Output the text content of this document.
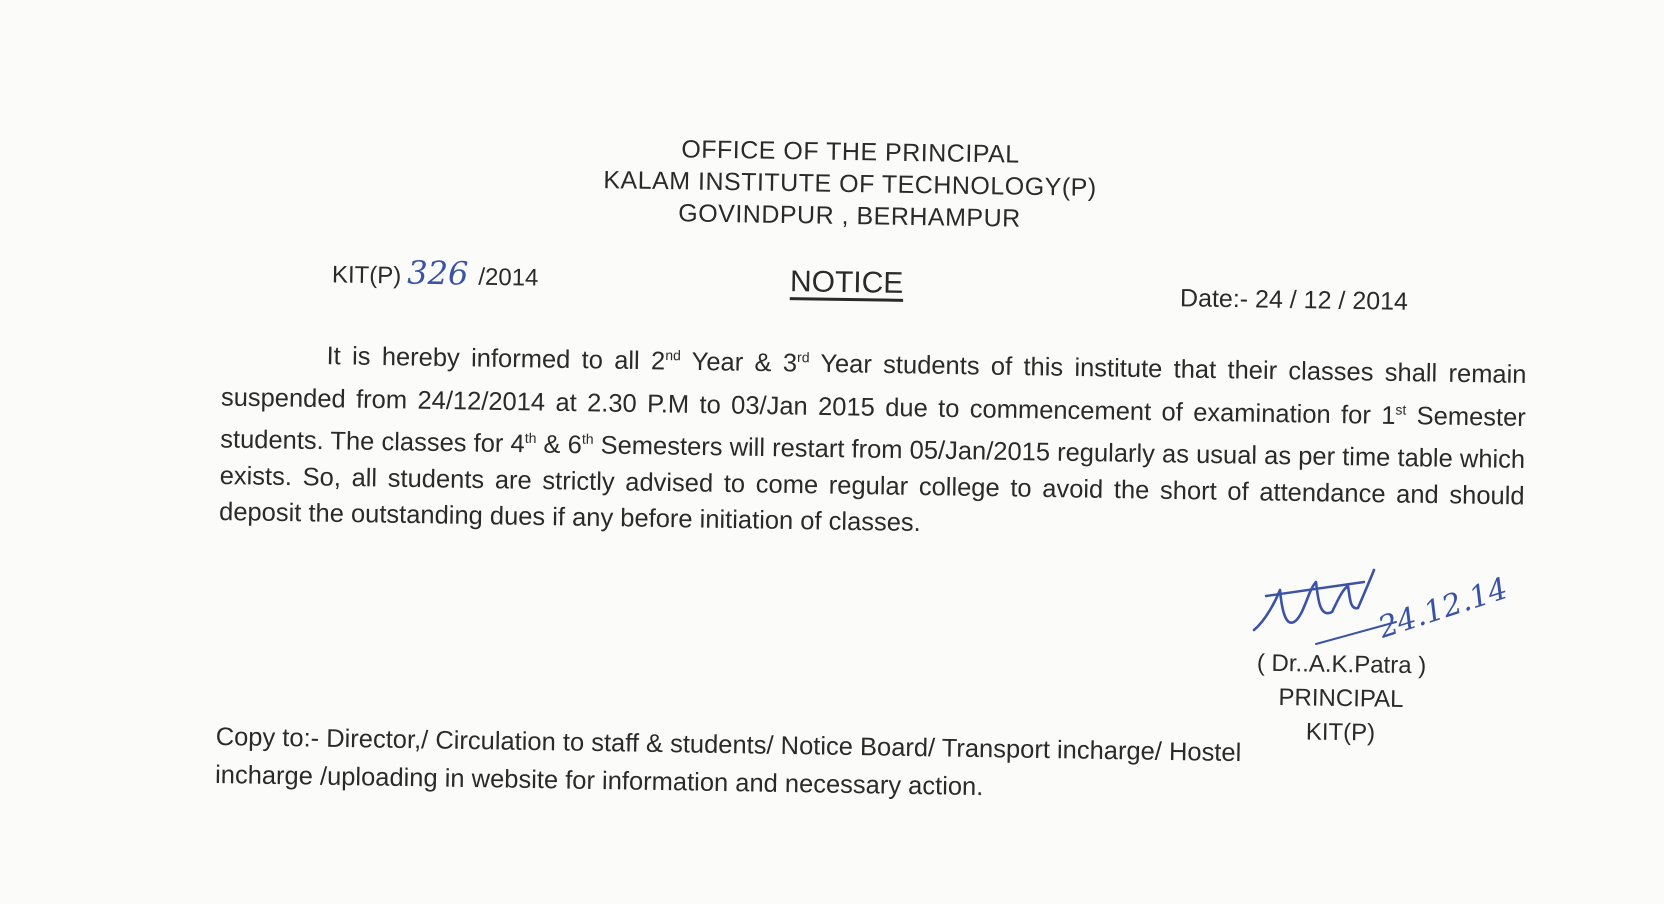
OFFICE OF THE PRINCIPAL
KALAM INSTITUTE OF TECHNOLOGY(P)
GOVINDPUR , BERHAMPUR
KIT(P) 326 /2014	NOTICE
Date:- 24 / 12 / 2014
It is hereby informed to all 2nd Year & 3rd Year students of this institute that their classes shall remain suspended from 24/12/2014 at 2.30 P.M to 03/Jan 2015 due to commencement of examination for 1st Semester students. The classes for 4th & 6th Semesters will restart from 05/Jan/2015 regularly as usual as per time table which exists. So, all students are strictly advised to come regular college to avoid the short of attendance and should deposit the outstanding dues if any before initiation of classes.
24.12.14
( Dr..A.K.Patra )
PRINCIPAL
KIT(P)
Copy to:- Director,/ Circulation to staff & students/ Notice Board/ Transport incharge/ Hostel
incharge /uploading in website for information and necessary action.
